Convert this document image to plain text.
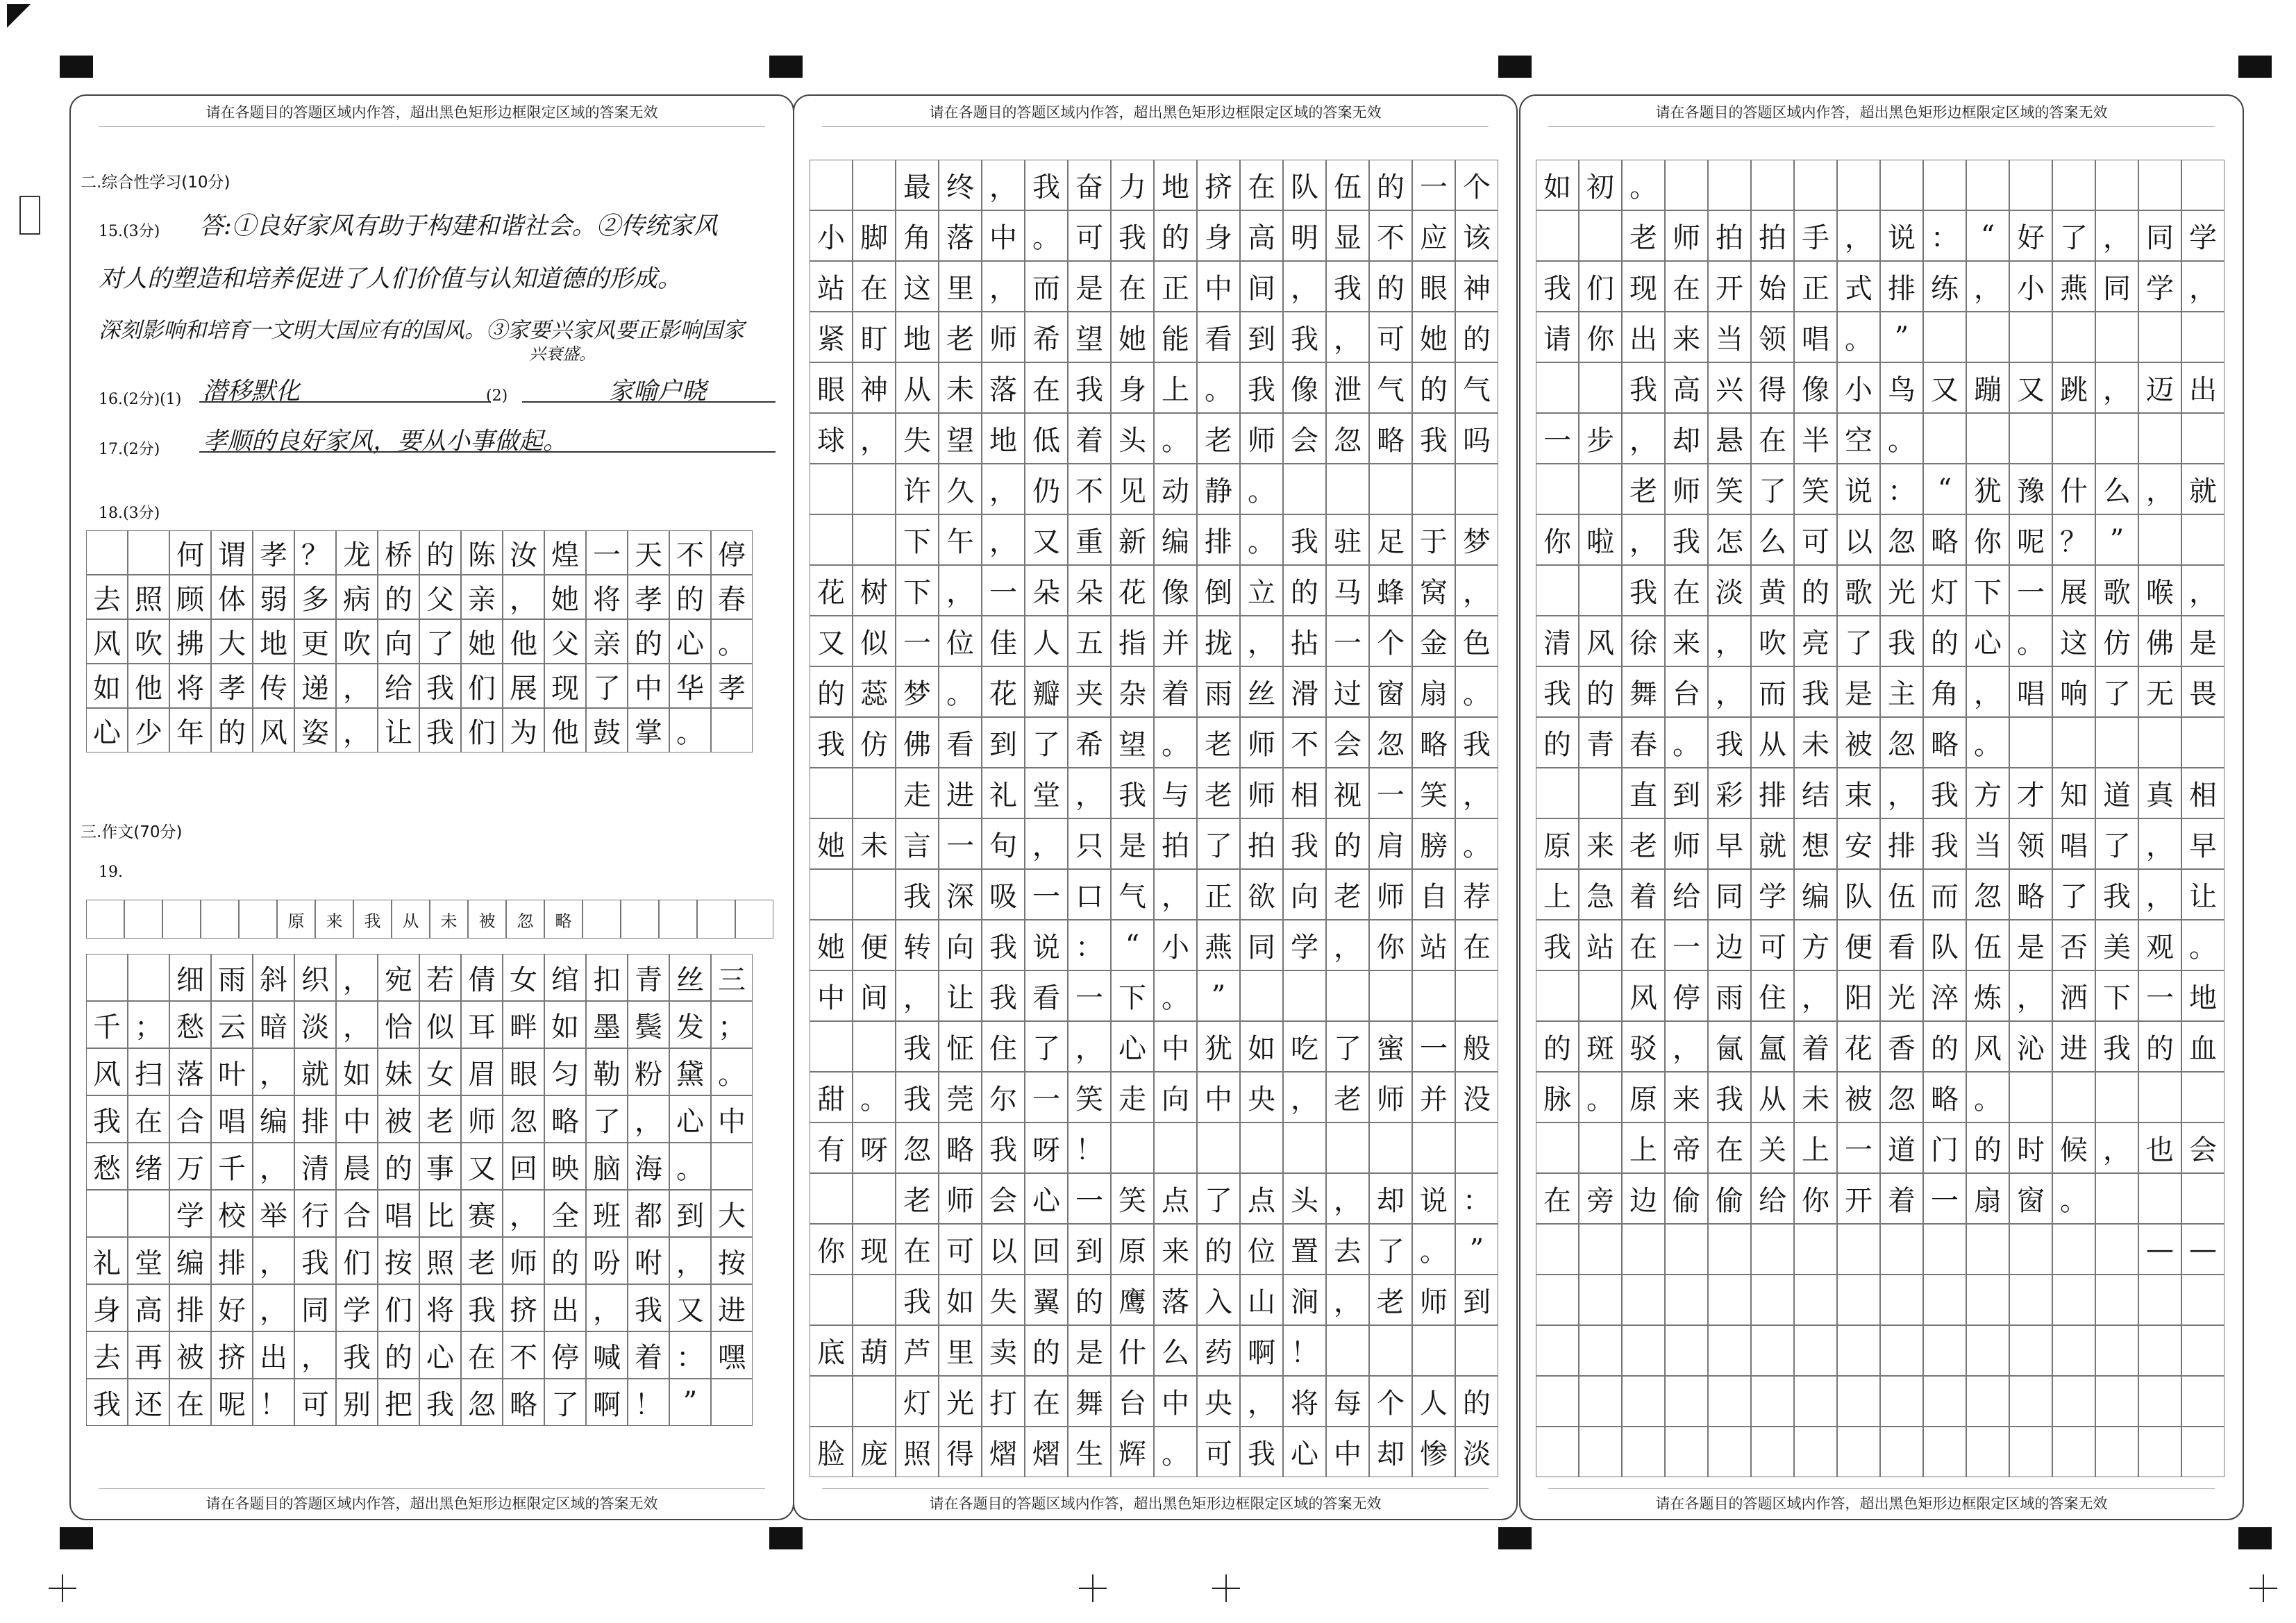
请在各题目的答题区域内作答，超出黑色矩形边框限定区域的答案无效
二.综合性学习(10分)
15.(3分) 答:①良好家风有助于构建和谐社会。②传统家风
对人的塑造和培养促进了人们价值与认知道德的形成。
深刻影响和培育一文明大国应有的国风。③家要兴家风要正影响国家
兴衰盛。
16.(2分)(1) 潜移默化	(2)	家喻户晓
17.(2分) 孝顺的良好家风，要从小事做起。
18.(3分)
何 谓 孝 ？ 龙 桥 的 陈 汝 煌 一 天 不 停
去 照 顾 体 弱 多 病 的 父 亲 ， 她 将 孝 的 春
风 吹 拂 大 地 更 吹 向 了 她 他 父 亲 的 心 。
如 他 将 孝 传 递 ， 给 我 们 展 现 了 中 华 孝
心 少 年 的 风 姿 ， 让 我 们 为 他 鼓 掌 。
三.作文(70分)
19.
原	来	我	从	未	被	忽	略
细 雨 斜 织 ， 宛 若 倩 女 绾 扣 青 丝 三
千 ； 愁 云 暗 淡 ， 恰 似 耳 畔 如 墨 鬓 发 ；
风 扫 落 叶 ， 就 如 妹 女 眉 眼 匀 勒 粉 黛 。
我 在 合 唱 编 排 中 被 老 师 忽 略 了 ， 心 中
愁 绪 万 千 ， 清 晨 的 事 又 回 映 脑 海 。
学 校 举 行 合 唱 比 赛 ， 全 班 都 到 大
礼 堂 编 排 ， 我 们 按 照 老 师 的 吩 咐 ， 按
身 高 排 好 ， 同 学 们 将 我 挤 出 ， 我 又 进
去 再 被 挤 出 ， 我 的 心 在 不 停 喊 着 ： 嘿
我 还 在 呢 ！ 可 别 把 我 忽 略 了 啊 ！ ”
请在各题目的答题区域内作答，超出黑色矩形边框限定区域的答案无效
请在各题目的答题区域内作答，超出黑色矩形边框限定区域的答案无效
最 终 ， 我 奋 力 地 挤 在 队 伍 的 一 个
小 脚 角 落 中 。 可 我 的 身 高 明 显 不 应 该
站 在 这 里 ， 而 是 在 正 中 间 ， 我 的 眼 神
紧 盯 地 老 师 希 望 她 能 看 到 我 ， 可 她 的
眼 神 从 未 落 在 我 身 上 。 我 像 泄 气 的 气
球 ， 失 望 地 低 着 头 。 老 师 会 忽 略 我 吗
许 久 ， 仍 不 见 动 静 。
下 午 ， 又 重 新 编 排 。 我 驻 足 于 梦
花 树 下 ， 一 朵 朵 花 像 倒 立 的 马 蜂 窝 ，
又 似 一 位 佳 人 五 指 并 拢 ， 拈 一 个 金 色
的 蕊 梦 。 花 瓣 夹 杂 着 雨 丝 滑 过 窗 扇 。
我 仿 佛 看 到 了 希 望 。 老 师 不 会 忽 略 我
走 进 礼 堂 ， 我 与 老 师 相 视 一 笑 ，
她 未 言 一 句 ， 只 是 拍 了 拍 我 的 肩 膀 。
我 深 吸 一 口 气 ， 正 欲 向 老 师 自 荐
她 便 转 向 我 说 ： “ 小 燕 同 学 ， 你 站 在
中 间 ， 让 我 看 一 下 。 ”
我 怔 住 了 ， 心 中 犹 如 吃 了 蜜 一 般
甜 。 我 莞 尔 一 笑 走 向 中 央 ， 老 师 并 没
有 呀 忽 略 我 呀 ！
老 师 会 心 一 笑 点 了 点 头 ， 却 说 ：
你 现 在 可 以 回 到 原 来 的 位 置 去 了 。 ”
我 如 失 翼 的 鹰 落 入 山 涧 ， 老 师 到
底 葫 芦 里 卖 的 是 什 么 药 啊 ！
灯 光 打 在 舞 台 中 央 ， 将 每 个 人 的
脸 庞 照 得 熠 熠 生 辉 。 可 我 心 中 却 惨 淡
请在各题目的答题区域内作答，超出黑色矩形边框限定区域的答案无效
请在各题目的答题区域内作答，超出黑色矩形边框限定区域的答案无效
如 初 。
老 师 拍 拍 手 ， 说 ： “ 好 了 ， 同 学
我 们 现 在 开 始 正 式 排 练 ， 小 燕 同 学 ，
请 你 出 来 当 领 唱 。 ”
我 高 兴 得 像 小 鸟 又 蹦 又 跳 ， 迈 出
一 步 ， 却 悬 在 半 空 。
老 师 笑 了 笑 说 ： “ 犹 豫 什 么 ， 就
你 啦 ， 我 怎 么 可 以 忽 略 你 呢 ？ ”
我 在 淡 黄 的 歌 光 灯 下 一 展 歌 喉 ，
清 风 徐 来 ， 吹 亮 了 我 的 心 。 这 仿 佛 是
我 的 舞 台 ， 而 我 是 主 角 ， 唱 响 了 无 畏
的 青 春 。 我 从 未 被 忽 略 。
直 到 彩 排 结 束 ， 我 方 才 知 道 真 相
原 来 老 师 早 就 想 安 排 我 当 领 唱 了 ， 早
上 急 着 给 同 学 编 队 伍 而 忽 略 了 我 ， 让
我 站 在 一 边 可 方 便 看 队 伍 是 否 美 观 。
风 停 雨 住 ， 阳 光 淬 炼 ， 洒 下 一 地
的 斑 驳 ， 氤 氲 着 花 香 的 风 沁 进 我 的 血
脉 。 原 来 我 从 未 被 忽 略 。
上 帝 在 关 上 一 道 门 的 时 候 ， 也 会
在 旁 边 偷 偷 给 你 开 着 一 扇 窗 。
— —
请在各题目的答题区域内作答，超出黑色矩形边框限定区域的答案无效
